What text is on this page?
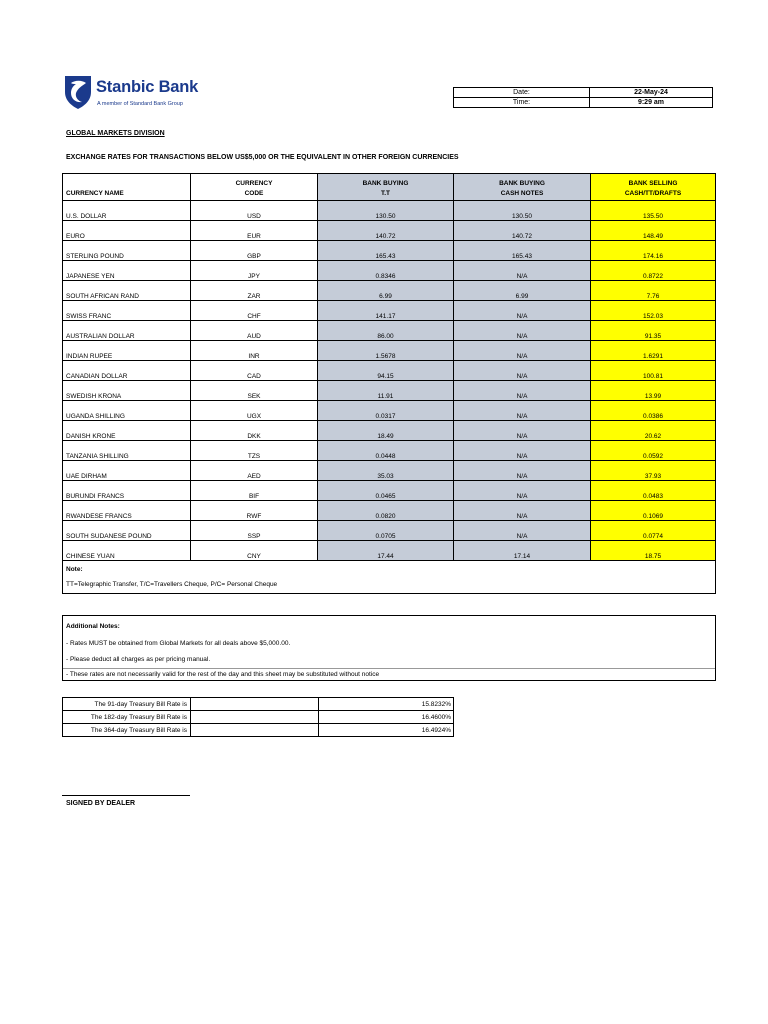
Stanbic Bank
A member of Standard Bank Group
Date:	22-May-24
Time:	9:29 am
GLOBAL MARKETS DIVISION
EXCHANGE RATES FOR TRANSACTIONS BELOW US$5,000 OR THE EQUIVALENT IN OTHER FOREIGN CURRENCIES
	CURRENCY	BANK BUYING	BANK BUYING	BANK SELLING
CURRENCY NAME	CODE	T.T	CASH NOTES	CASH/TT/DRAFTS
U.S. DOLLAR	USD	130.50	130.50	135.50
EURO	EUR	140.72	140.72	148.49
STERLING POUND	GBP	165.43	165.43	174.16
JAPANESE YEN	JPY	0.8346	N/A	0.8722
SOUTH AFRICAN RAND	ZAR	6.99	6.99	7.76
SWISS FRANC	CHF	141.17	N/A	152.03
AUSTRALIAN DOLLAR	AUD	86.00	N/A	91.35
INDIAN RUPEE	INR	1.5678	N/A	1.6291
CANADIAN DOLLAR	CAD	94.15	N/A	100.81
SWEDISH KRONA	SEK	11.91	N/A	13.99
UGANDA SHILLING	UGX	0.0317	N/A	0.0386
DANISH KRONE	DKK	18.49	N/A	20.62
TANZANIA SHILLING	TZS	0.0448	N/A	0.0592
UAE DIRHAM	AED	35.03	N/A	37.93
BURUNDI FRANCS	BIF	0.0465	N/A	0.0483
RWANDESE FRANCS	RWF	0.0820	N/A	0.1069
SOUTH SUDANESE POUND	SSP	0.0705	N/A	0.0774
CHINESE YUAN	CNY	17.44	17.14	18.75

Note:
TT=Telegraphic Transfer, T/C=Travellers Cheque, P/C= Personal Cheque				
Additional Notes:
- Rates MUST be obtained from Global Markets for all deals above $5,000.00.
- Please deduct all charges as per pricing manual.
- These rates are not necessarily valid for the rest of the day and this sheet may be substituted without notice
The 91-day Treasury Bill Rate is		15.8232%
The 182-day Treasury Bill Rate is		16.4600%
The 364-day Treasury Bill Rate is		16.4924%
SIGNED BY DEALER
